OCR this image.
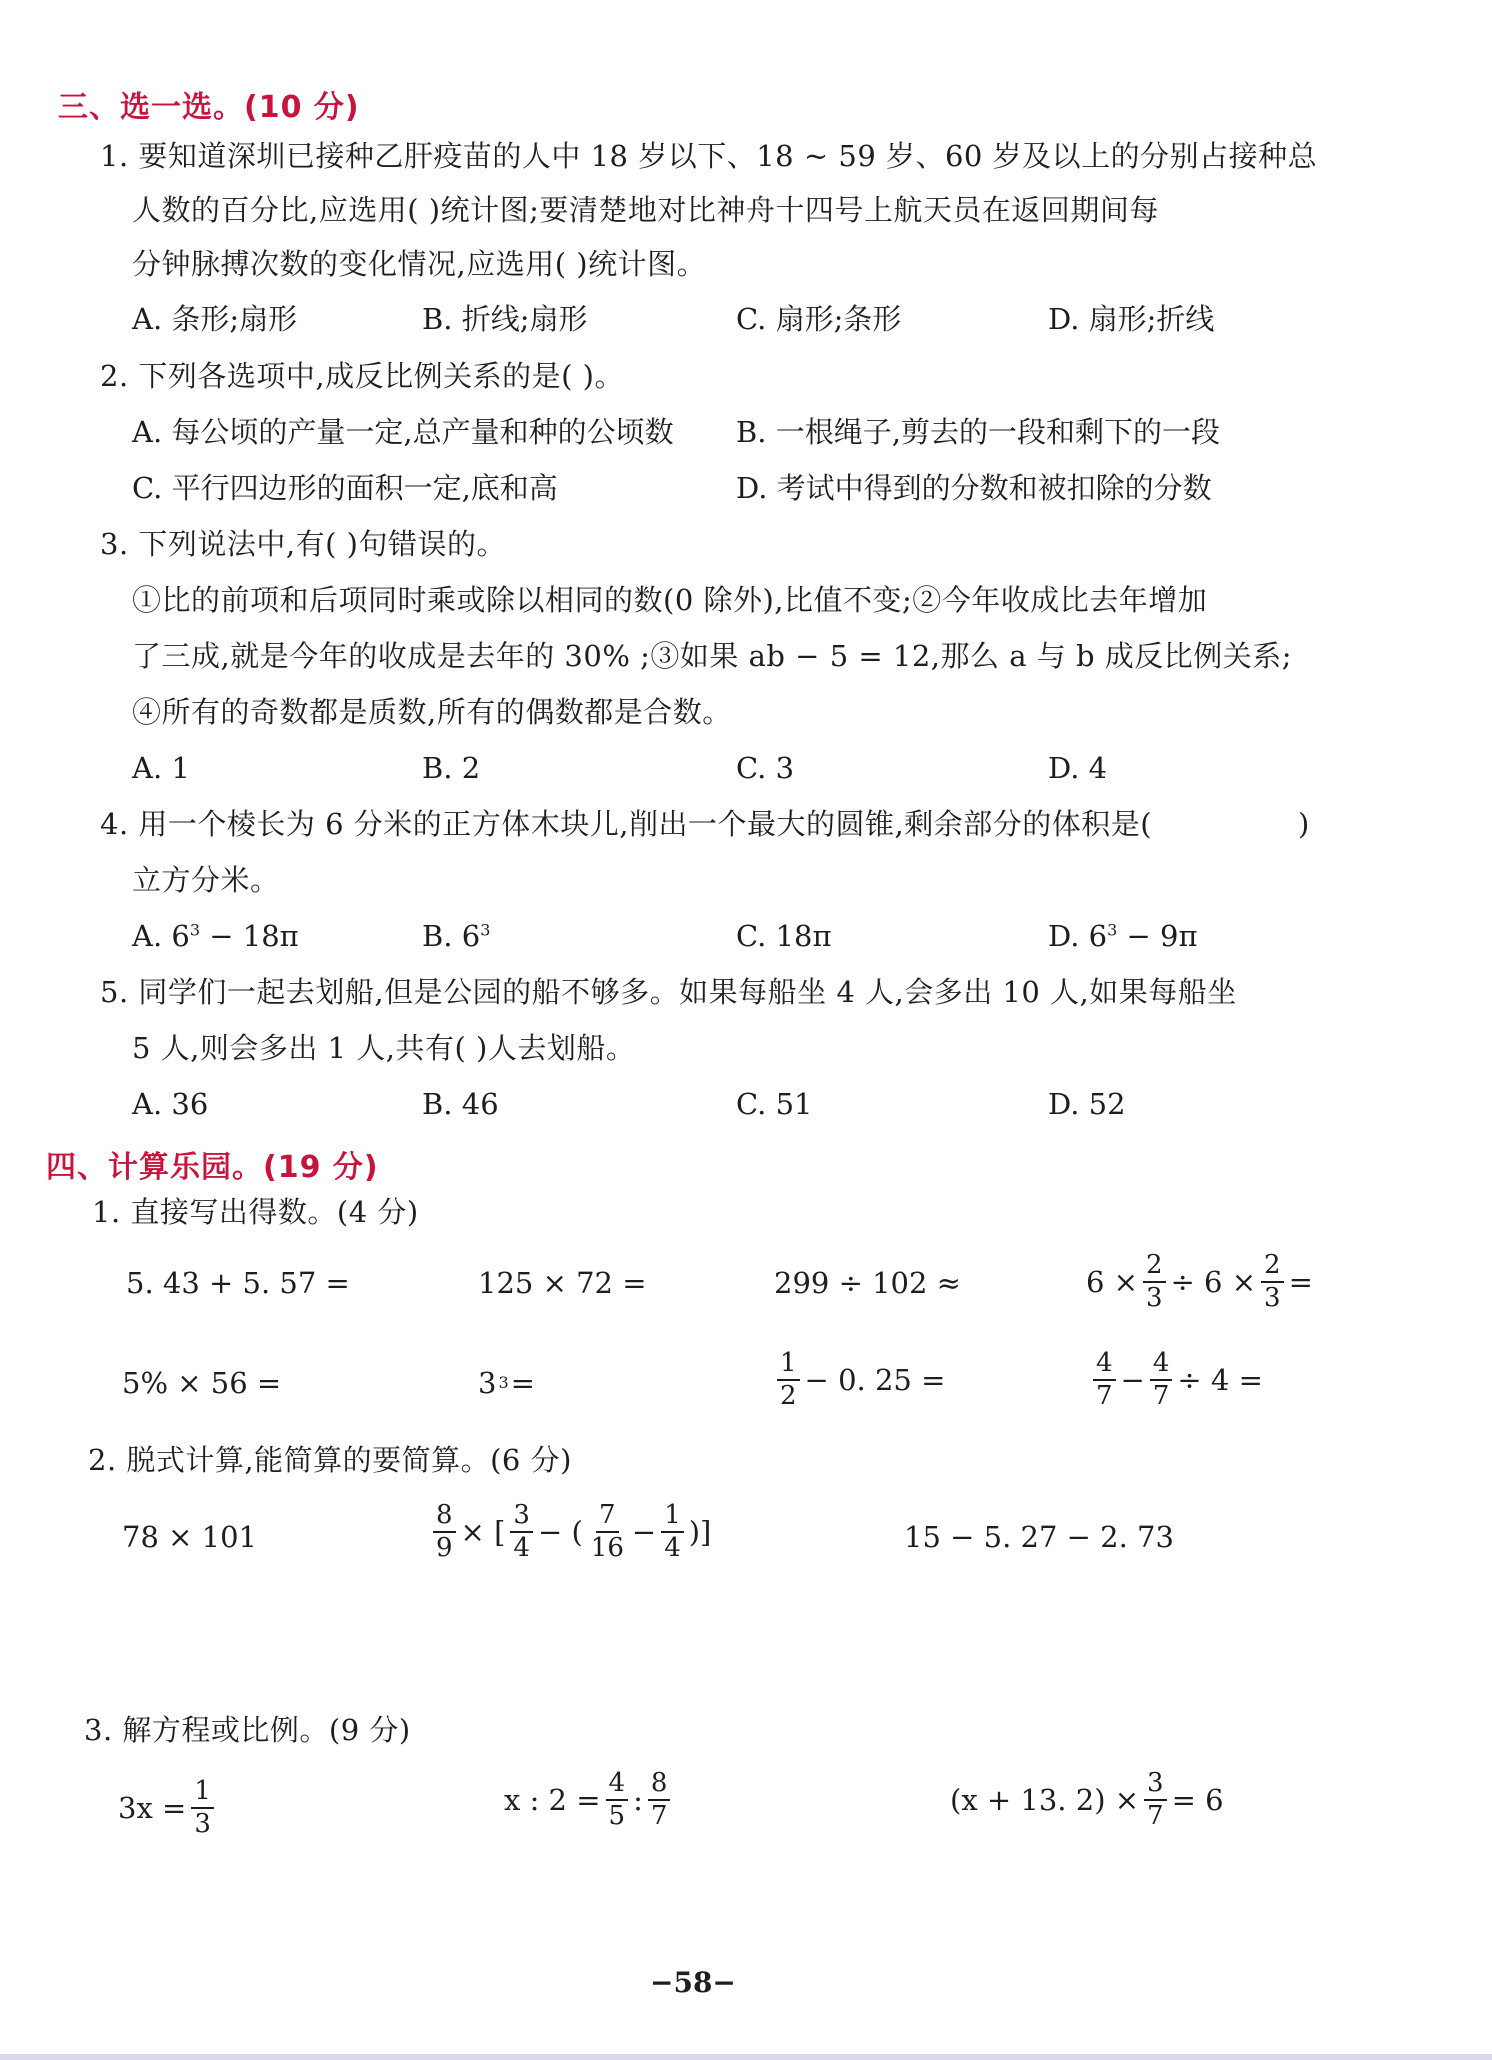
三、选一选。(10 分)
1. 要知道深圳已接种乙肝疫苗的人中 18 岁以下、18 ~ 59 岁、60 岁及以上的分别占接种总
人数的百分比,应选用( )统计图;要清楚地对比神舟十四号上航天员在返回期间每
分钟脉搏次数的变化情况,应选用( )统计图。
A. 条形;扇形	B. 折线;扇形	C. 扇形;条形	D. 扇形;折线
2. 下列各选项中,成反比例关系的是( )。
A. 每公顷的产量一定,总产量和种的公顷数 B. 一根绳子,剪去的一段和剩下的一段
C. 平行四边形的面积一定,底和高	D. 考试中得到的分数和被扣除的分数
3. 下列说法中,有( )句错误的。
①比的前项和后项同时乘或除以相同的数(0 除外),比值不变;②今年收成比去年增加
了三成,就是今年的收成是去年的 30% ;③如果 ab − 5 = 12,那么 a 与 b 成反比例关系;
④所有的奇数都是质数,所有的偶数都是合数。
A. 1	B. 2	C. 3	D. 4
4. 用一个棱长为 6 分米的正方体木块儿,削出一个最大的圆锥,剩余部分的体积是(	)
立方分米。
A. $6^3 - 18\pi$	B. $6^3$	C. 18π	D. $6^3 - 9\pi$
5. 同学们一起去划船,但是公园的船不够多。如果每船坐 4 人,会多出 10 人,如果每船坐
5 人,则会多出 1 人,共有( )人去划船。
A. 36	B. 46	C. 51	D. 52
四、计算乐园。(19 分)
1. 直接写出得数。(4 分)
5. 43 + 5. 57 =	125 × 72 =	299 ÷ 102 ≈	$6 \times \frac{2}{3} \div 6 \times \frac{2}{3}$ =
5% × 56 =	3 3 =	$\frac{1}{2} - 0$. 25 =	$\frac{4}{7} - \frac{4}{7} \div 4$ =
2. 脱式计算,能简算的要简算。(6 分)
78 × 101	$\frac{8}{9}$ × [ $\frac{3}{4}$ − ( $\frac{7}{16} - \frac{1}{4}$ )]	15 − 5. 27 − 2. 73
3. 解方程或比例。(9 分)
$3x = \frac{1}{3}$	x : $2 = \frac{4}{5}$ : $\frac{8}{7}$	(x + 13. $2) \times \frac{3}{7} = 6$
−58−
